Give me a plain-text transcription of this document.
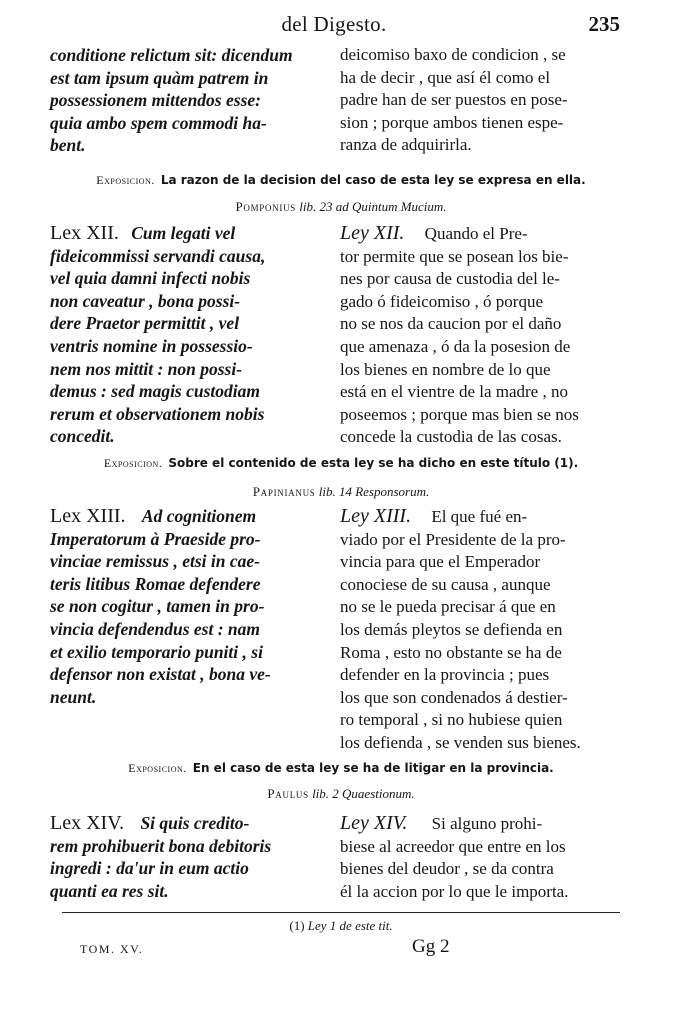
del Digesto.	235
conditione relictum sit: dicendum
est tam ipsum quàm patrem in
possessionem mittendos esse:
quia ambo spem commodi ha-
bent.
deicomiso baxo de condicion , se
ha de decir , que así él como el
padre han de ser puestos en pose-
sion ; porque ambos tienen espe-
ranza de adquirirla.
Exposicion. La razon de la decision del caso de esta ley se expresa en ella.
Pomponius lib. 23 ad Quintum Mucium.
Lex XII. Cum legati vel
fideicommissi servandi causa,
vel quia damni infecti nobis
non caveatur , bona possi-
dere Praetor permittit , vel
ventris nomine in possessio-
nem nos mittit : non possi-
demus : sed magis custodiam
rerum et observationem nobis
concedit.
Ley XII. Quando el Pre-
tor permite que se posean los bie-
nes por causa de custodia del le-
gado ó fideicomiso , ó porque
no se nos da caucion por el daño
que amenaza , ó da la posesion de
los bienes en nombre de lo que
está en el vientre de la madre , no
poseemos ; porque mas bien se nos
concede la custodia de las cosas.
Exposicion. Sobre el contenido de esta ley se ha dicho en este título (1).
Papinianus lib. 14 Responsorum.
Lex XIII. Ad cognitionem
Imperatorum à Praeside pro-
vinciae remissus , etsi in cae-
teris litibus Romae defendere
se non cogitur , tamen in pro-
vincia defendendus est : nam
et exilio temporario puniti , si
defensor non existat , bona ve-
neunt.
Ley XIII. El que fué en-
viado por el Presidente de la pro-
vincia para que el Emperador
conociese de su causa , aunque
no se le pueda precisar á que en
los demás pleytos se defienda en
Roma , esto no obstante se ha de
defender en la provincia ; pues
los que son condenados á destier-
ro temporal , si no hubiese quien
los defienda , se venden sus bienes.
Exposicion. En el caso de esta ley se ha de litigar en la provincia.
Paulus lib. 2 Quaestionum.
Lex XIV. Si quis credito-
rem prohibuerit bona debitoris
ingredi : da'ur in eum actio
quanti ea res sit.
Ley XIV. Si alguno prohi-
biese al acreedor que entre en los
bienes del deudor , se da contra
él la accion por lo que le importa.
(1) Ley 1 de este tit.
TOM. XV.	Gg 2
